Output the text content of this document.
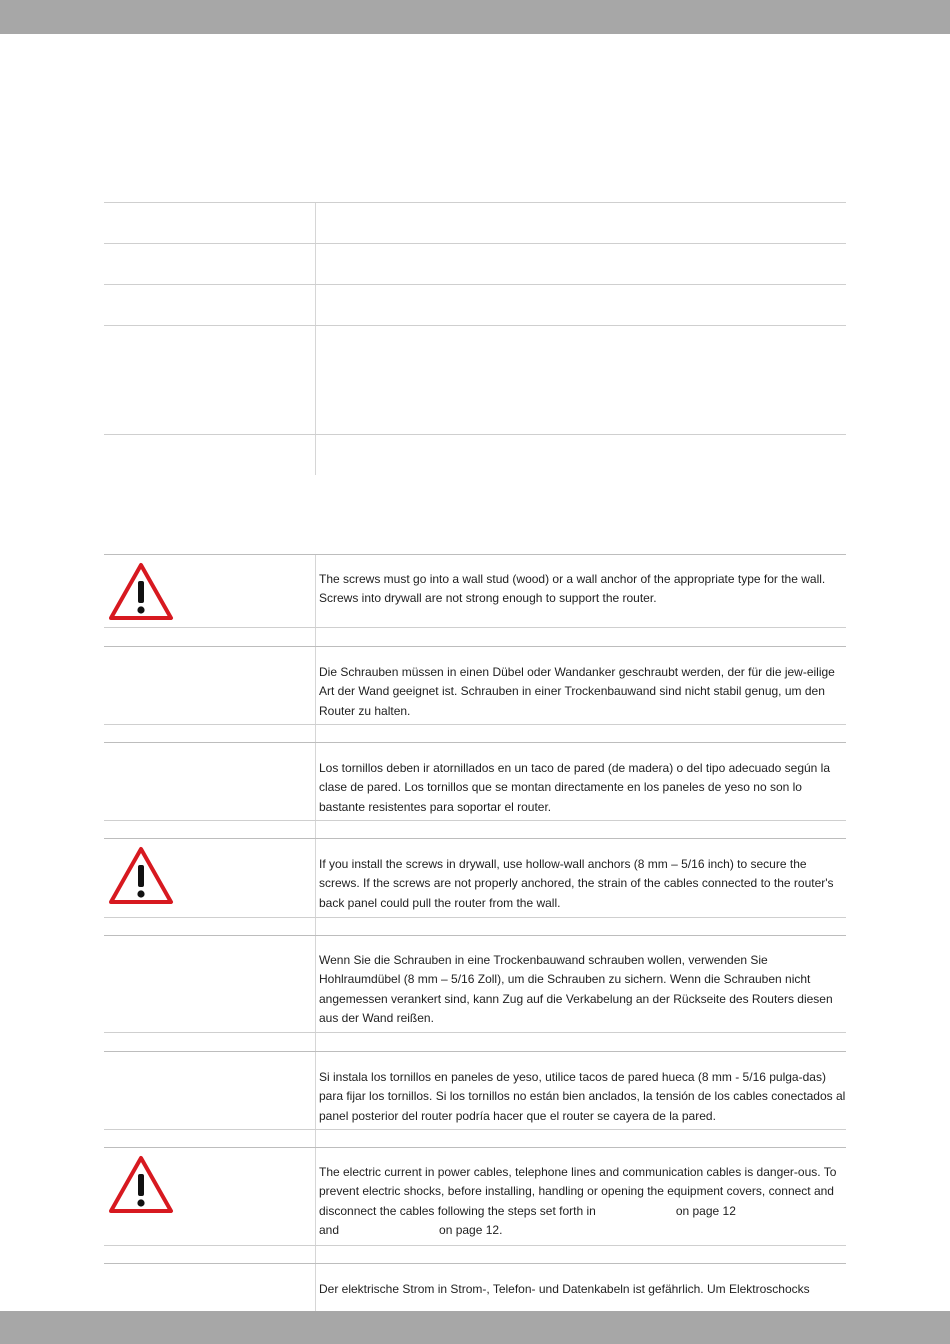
The screws must go into a wall stud (wood) or a wall anchor of the appropriate type for the wall. Screws into drywall are not strong enough to support the router.
Die Schrauben müssen in einen Dübel oder Wandanker geschraubt werden, der für die jew-eilige Art der Wand geeignet ist. Schrauben in einer Trockenbauwand sind nicht stabil genug, um den Router zu halten.
Los tornillos deben ir atornillados en un taco de pared (de madera) o del tipo adecuado según la clase de pared. Los tornillos que se montan directamente en los paneles de yeso no son lo bastante resistentes para soportar el router.
If you install the screws in drywall, use hollow-wall anchors (8 mm – 5/16 inch) to secure the screws. If the screws are not properly anchored, the strain of the cables connected to the router's back panel could pull the router from the wall.
Wenn Sie die Schrauben in eine Trockenbauwand schrauben wollen, verwenden Sie Hohlraumdübel (8 mm – 5/16 Zoll), um die Schrauben zu sichern. Wenn die Schrauben nicht angemessen verankert sind, kann Zug auf die Verkabelung an der Rückseite des Routers diesen aus der Wand reißen.
Si instala los tornillos en paneles de yeso, utilice tacos de pared hueca (8 mm - 5/16 pulga-das) para fijar los tornillos. Si los tornillos no están bien anclados, la tensión de los cables conectados al panel posterior del router podría hacer que el router se cayera de la pared.
The electric current in power cables, telephone lines and communication cables is danger-ous. To prevent electric shocks, before installing, handling or opening the equipment covers, connect and disconnect the cables following the steps set forth in	on page 12
and	on page 12.
Der elektrische Strom in Strom-, Telefon- und Datenkabeln ist gefährlich. Um Elektroschocks
